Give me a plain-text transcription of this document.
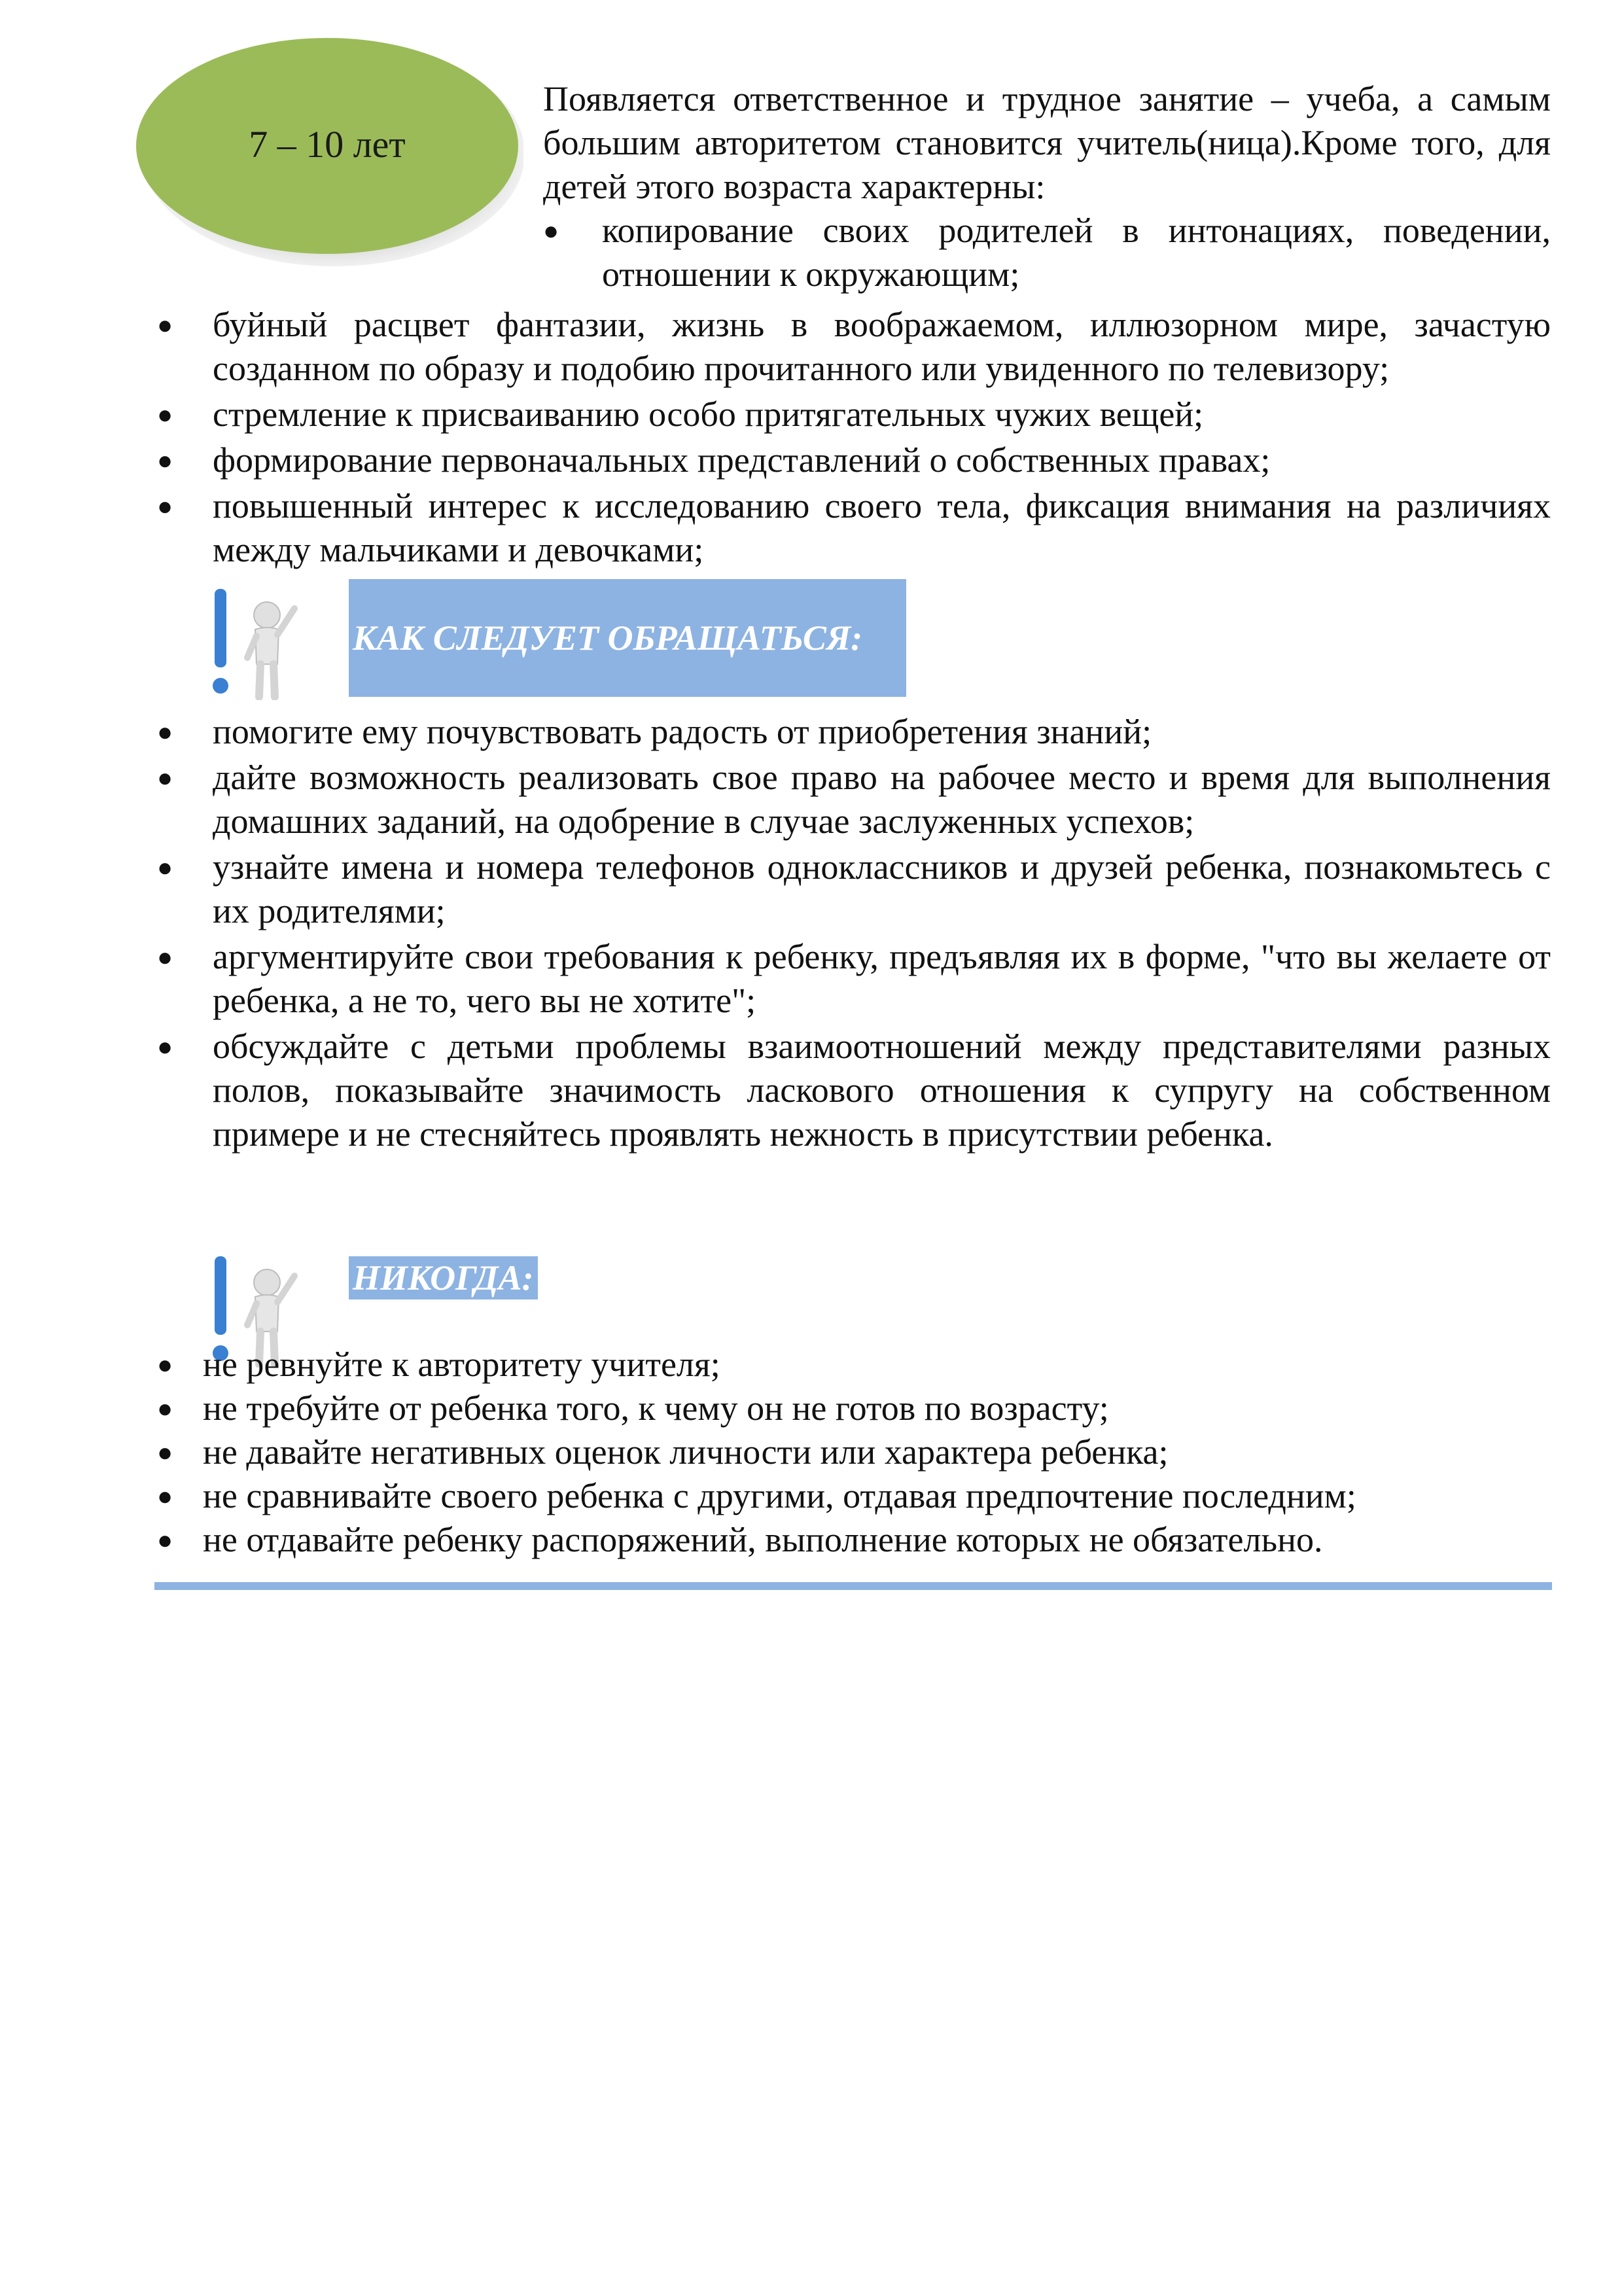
7 – 10 лет

Появляется ответственное и трудное занятие – учеба, а самым большим авторитетом становится учитель(ница).Кроме того, для детей этого возраста характерны:

● копирование своих родителей в интонациях, поведении, отношении к окружающим;

● буйный расцвет фантазии, жизнь в воображаемом, иллюзорном мире, зачастую созданном по образу и подобию прочитанного или увиденного по телевизору;
● стремление к присваиванию особо притягательных чужих вещей;
● формирование первоначальных представлений о собственных правах;
● повышенный интерес к исследованию своего тела, фиксация внимания на различиях между мальчиками и девочками;
КАК СЛЕДУЕТ ОБРАЩАТЬСЯ:
● помогите ему почувствовать радость от приобретения знаний;
● дайте возможность реализовать свое право на рабочее место и время для выполнения домашних заданий, на одобрение в случае заслуженных успехов;
● узнайте имена и номера телефонов одноклассников и друзей ребенка, познакомьтесь с их родителями;
● аргументируйте свои требования к ребенку, предъявляя их в форме, "что вы желаете от ребенка, а не то, чего вы не хотите";
● обсуждайте с детьми проблемы взаимоотношений между представителями разных полов, показывайте значимость ласкового отношения к супругу на собственном примере и не стесняйтесь проявлять нежность в присутствии ребенка.
НИКОГДА:
● не ревнуйте к авторитету учителя;
● не требуйте от ребенка того, к чему он не готов по возрасту;
● не давайте негативных оценок личности или характера ребенка;
● не сравнивайте своего ребенка с другими, отдавая предпочтение последним;
● не отдавайте ребенку распоряжений, выполнение которых не обязательно.
